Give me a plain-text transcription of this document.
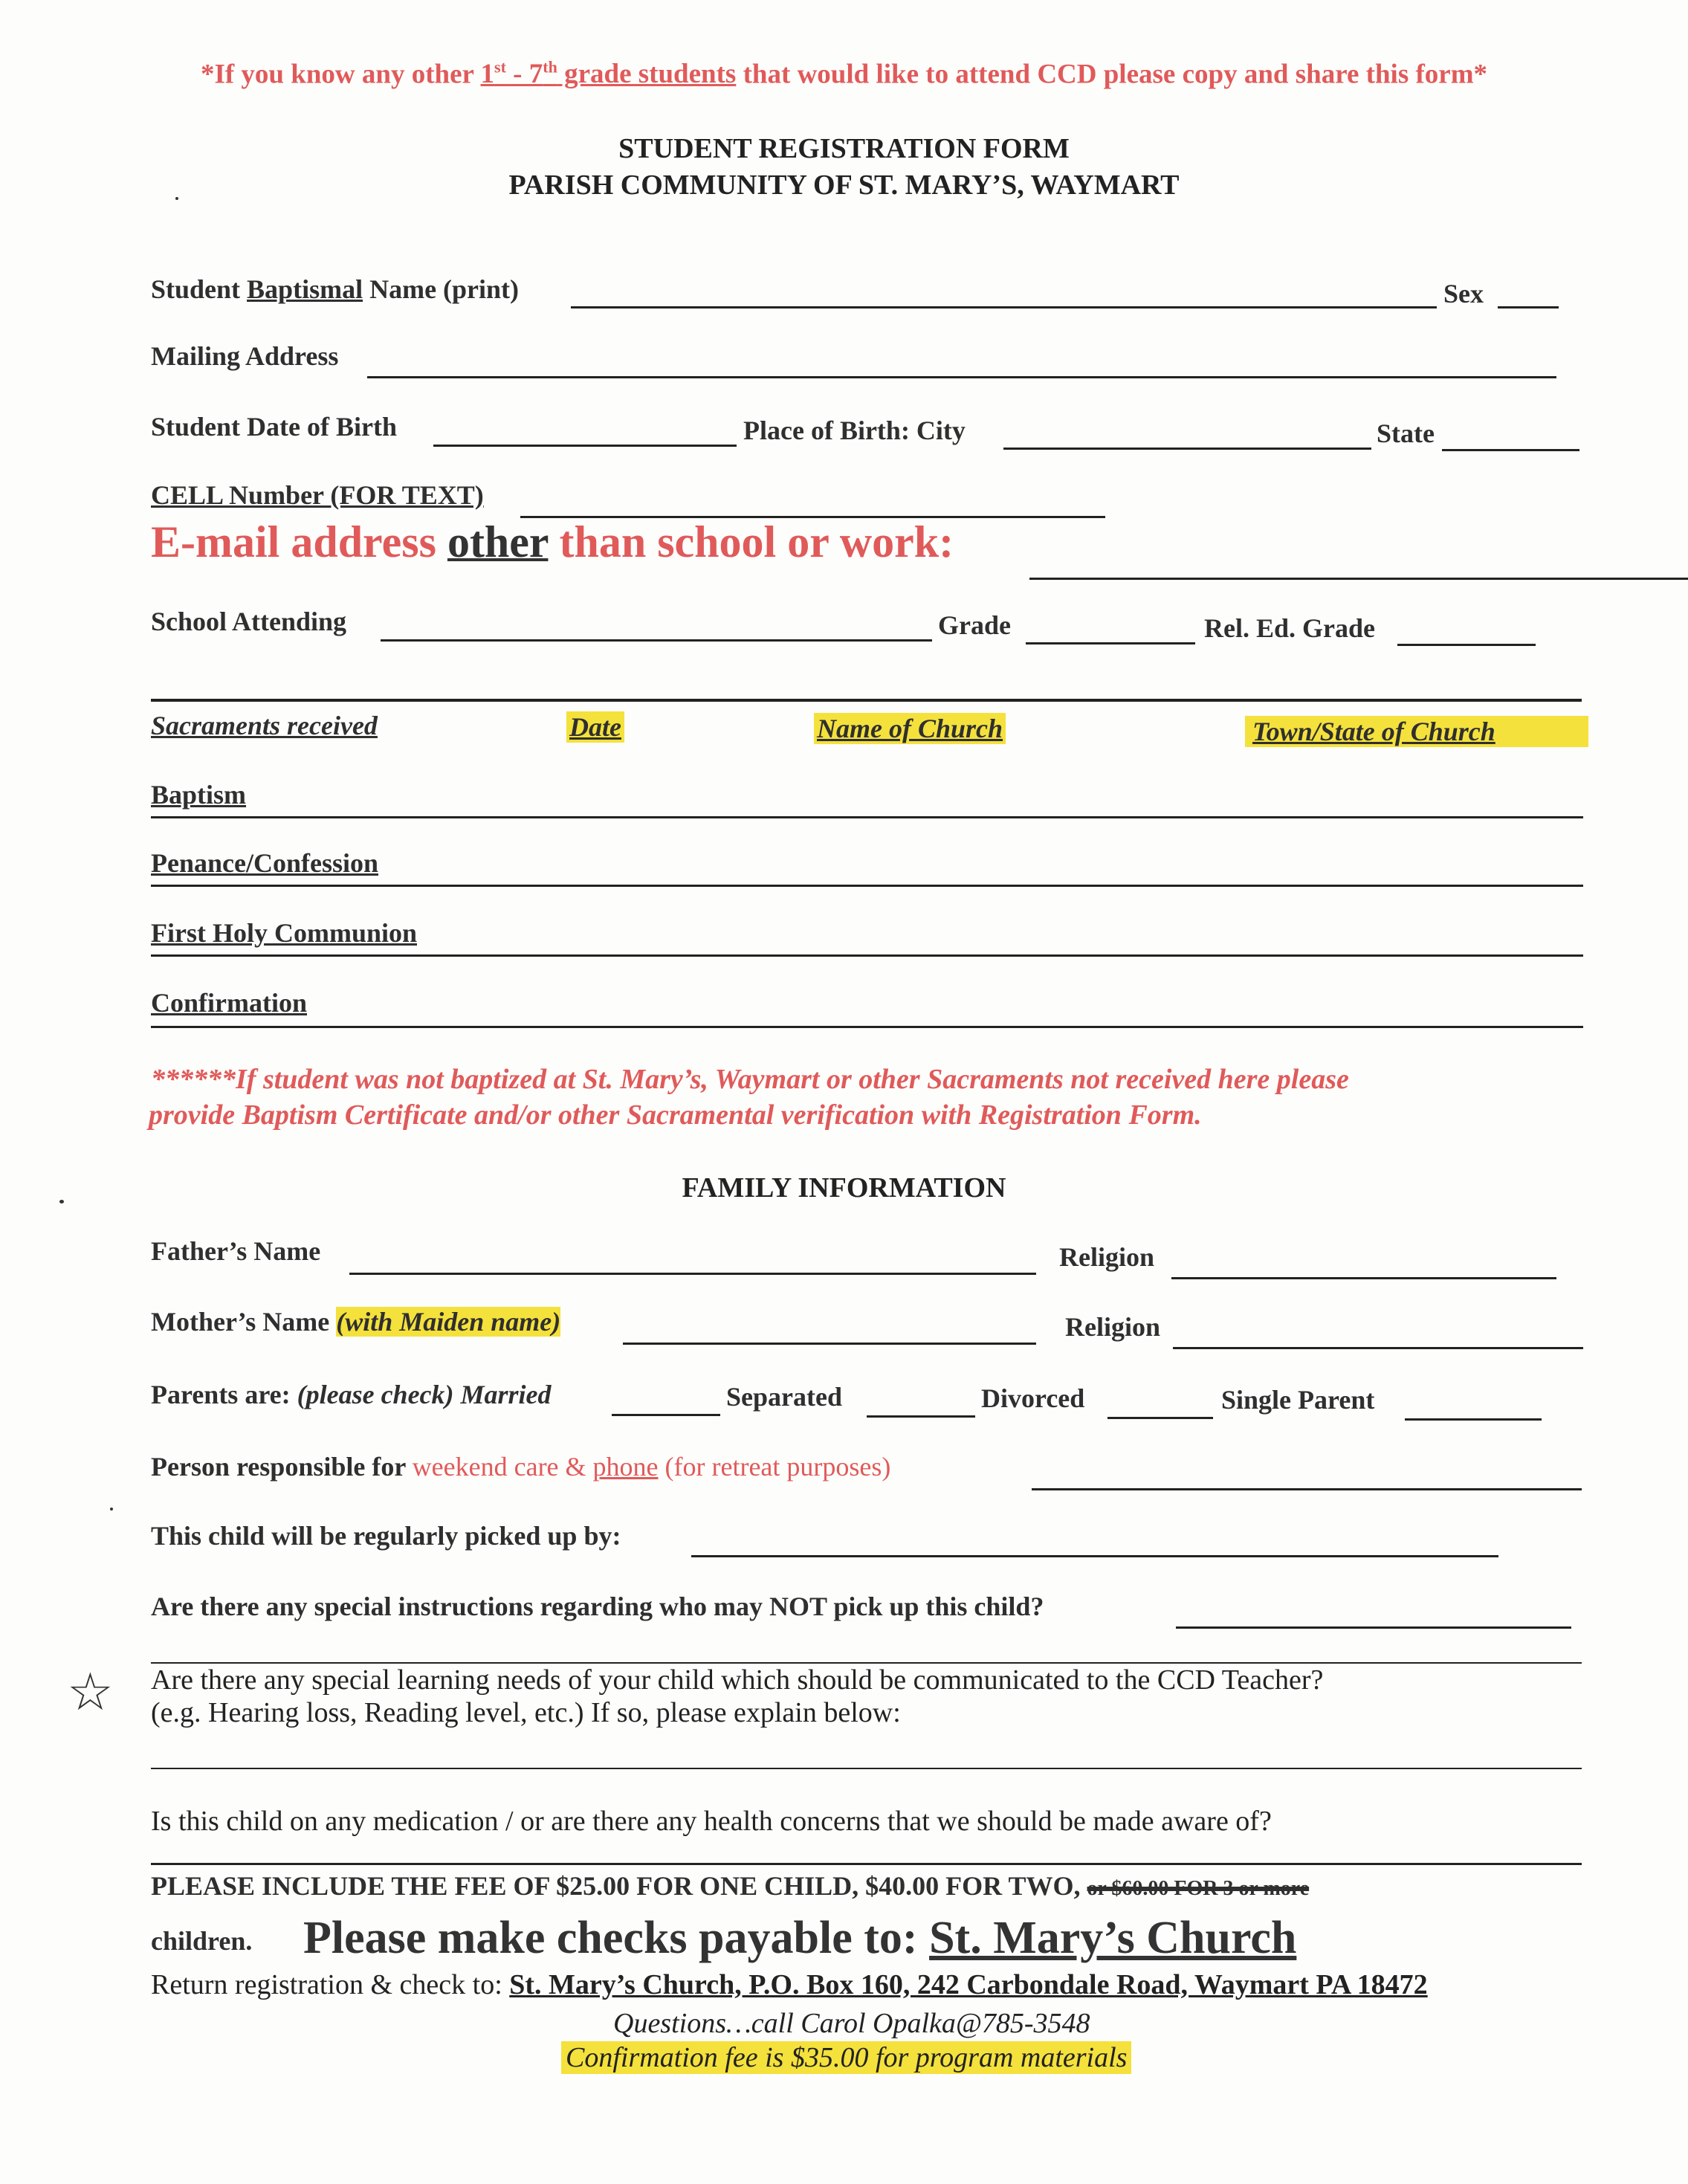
*If you know any other 1st - 7th grade students that would like to attend CCD please copy and share this form*
STUDENT REGISTRATION FORM
PARISH COMMUNITY OF ST. MARY’S, WAYMART
Student Baptismal Name (print)	Sex
Mailing Address
Student Date of Birth	Place of Birth: City	State
CELL Number (FOR TEXT)
E-mail address other than school or work:
School Attending	Grade	Rel. Ed. Grade
Sacraments received	Date	Name of Church	Town/State of Church
Baptism
Penance/Confession
First Holy Communion
Confirmation
******If student was not baptized at St. Mary’s, Waymart or other Sacraments not received here please
provide Baptism Certificate and/or other Sacramental verification with Registration Form.
FAMILY INFORMATION
Father’s Name	Religion
Mother’s Name (with Maiden name)	Religion
Parents are: (please check) Married	Separated	Divorced	Single Parent
Person responsible for weekend care & phone (for retreat purposes)
This child will be regularly picked up by:
Are there any special instructions regarding who may NOT pick up this child?
☆ Are there any special learning needs of your child which should be communicated to the CCD Teacher?
(e.g. Hearing loss, Reading level, etc.) If so, please explain below:
Is this child on any medication / or are there any health concerns that we should be made aware of?
PLEASE INCLUDE THE FEE OF $25.00 FOR ONE CHILD, $40.00 FOR TWO, or $60.00 FOR 3 or more
children. Please make checks payable to: St. Mary’s Church
Return registration & check to: St. Mary’s Church, P.O. Box 160, 242 Carbondale Road, Waymart PA 18472
Questions…call Carol Opalka@785-3548
Confirmation fee is $35.00 for program materials
